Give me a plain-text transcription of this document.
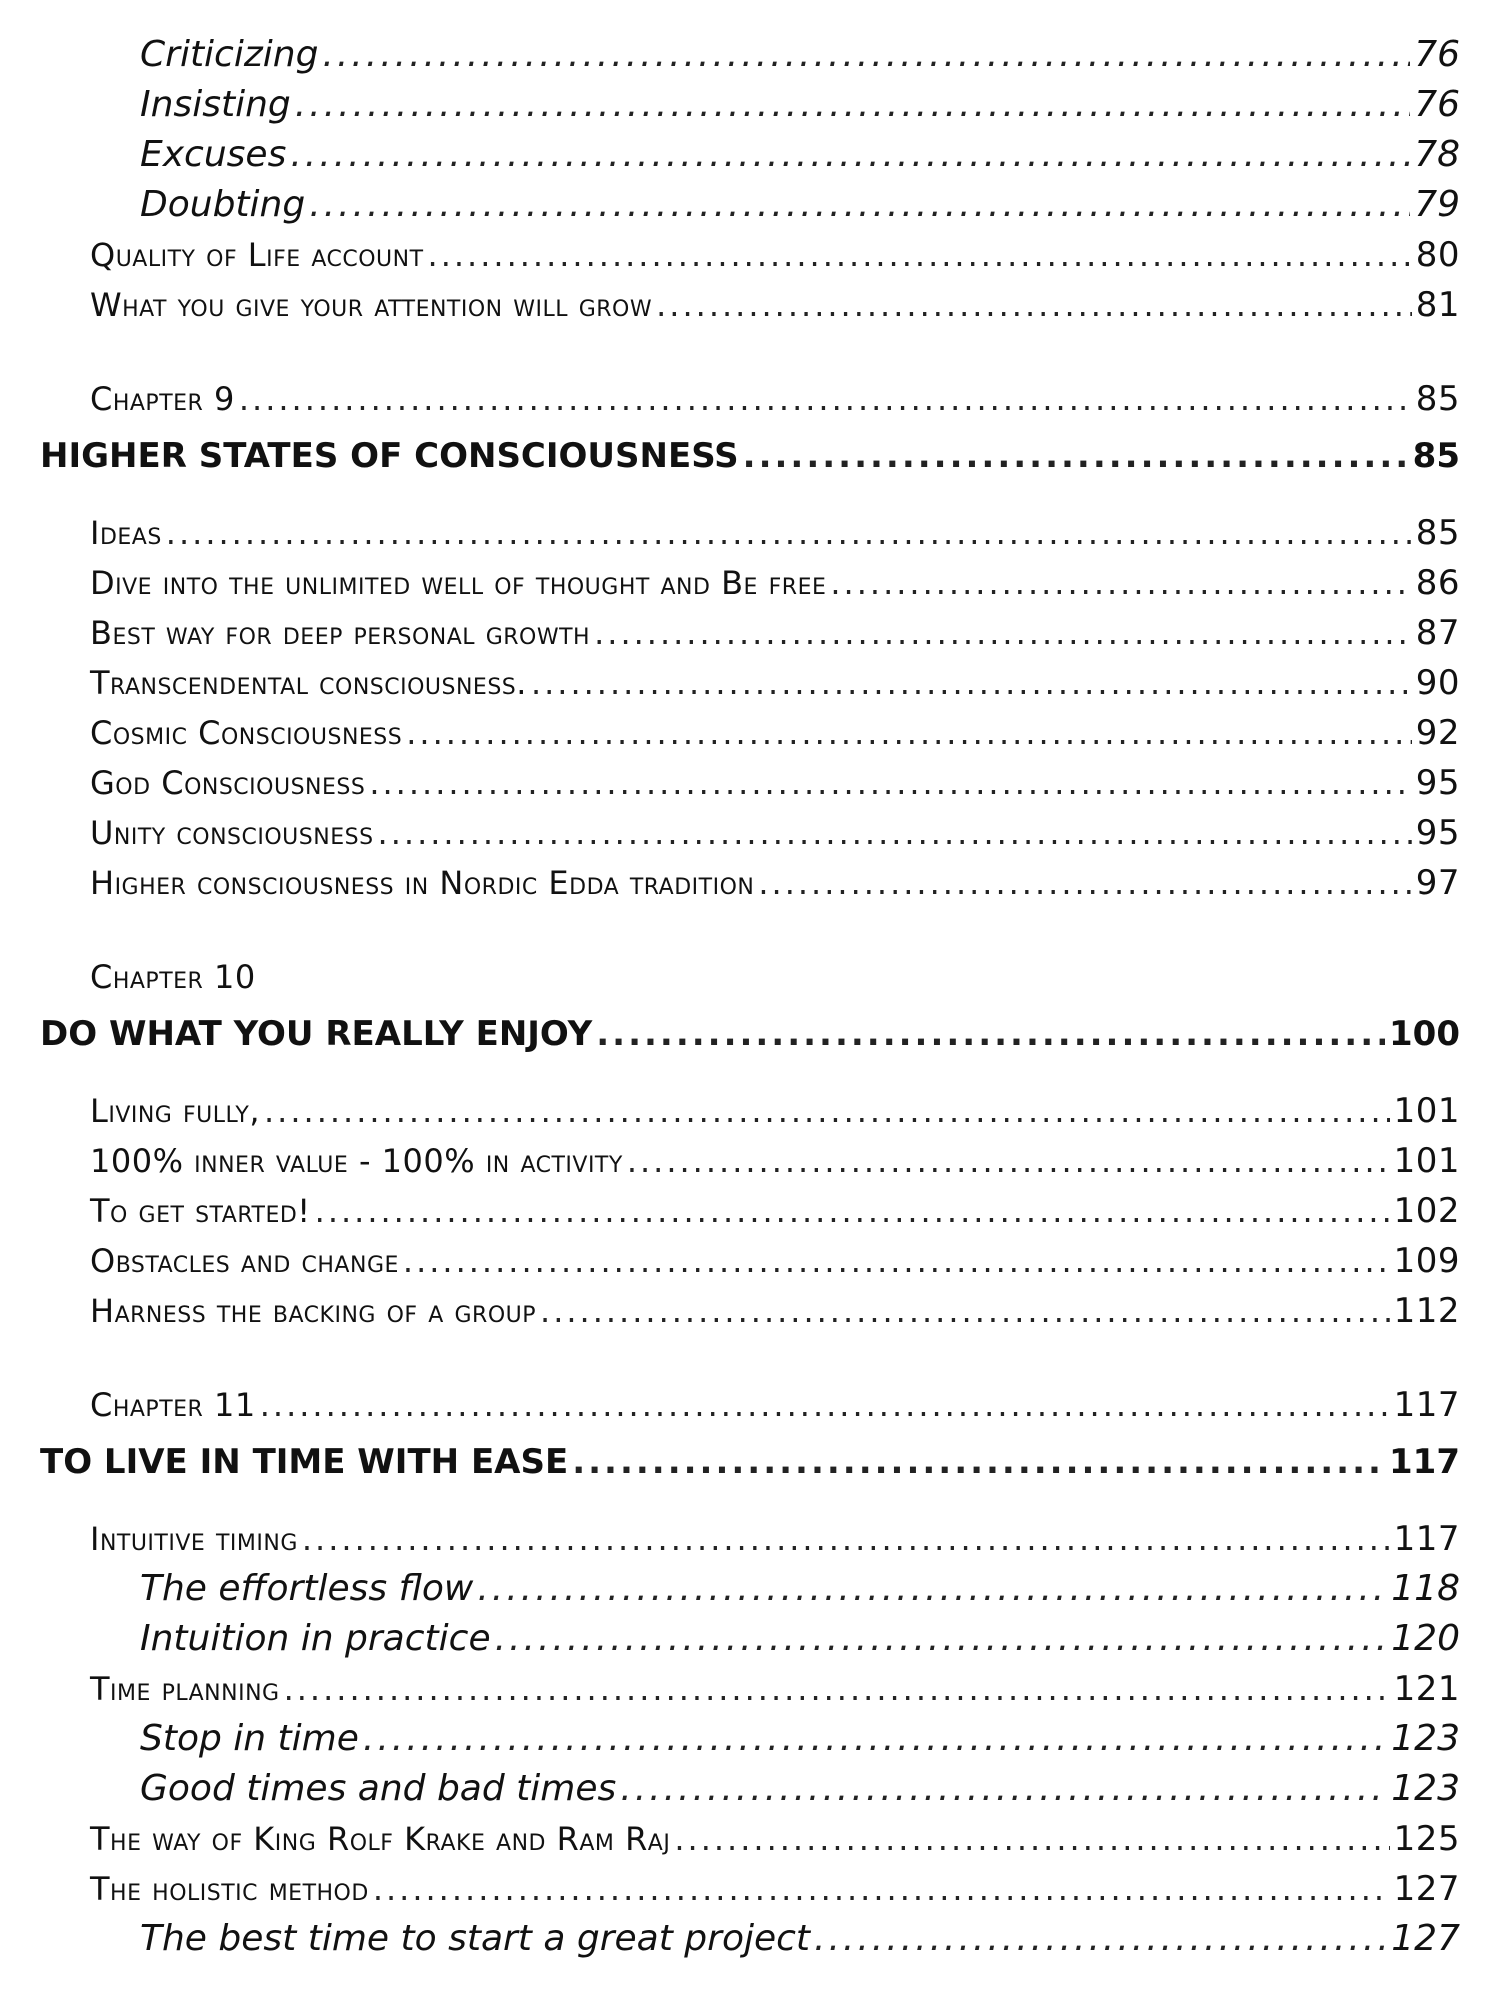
Criticizing .....	76
Insisting .....	76
Excuses .....	78
Doubting .....	79
Quality of Life account .....	80
What you give your attention will grow .....	81
Chapter 9 .....	85
HIGHER STATES OF CONSCIOUSNESS .....	85
Ideas .....	85
Dive into the unlimited well of thought and Be free .....	86
Best way for deep personal growth .....	87
Transcendental consciousness. .....	90
Cosmic Consciousness .....	92
God Consciousness .....	95
Unity consciousness .....	95
Higher consciousness in Nordic Edda tradition .....	97
Chapter 10
DO WHAT YOU REALLY ENJOY .....	100
Living fully, .....	101
100% inner value - 100% in activity .....	101
To get started! .....	102
Obstacles and change .....	109
Harness the backing of a group .....	112
Chapter 11 .....	117
TO LIVE IN TIME WITH EASE .....	117
Intuitive timing .....	117
The effortless flow .....	118
Intuition in practice .....	120
Time planning .....	121
Stop in time .....	123
Good times and bad times .....	123
The way of King Rolf Krake and Ram Raj .....	125
The holistic method .....	127
The best time to start a great project .....	127
